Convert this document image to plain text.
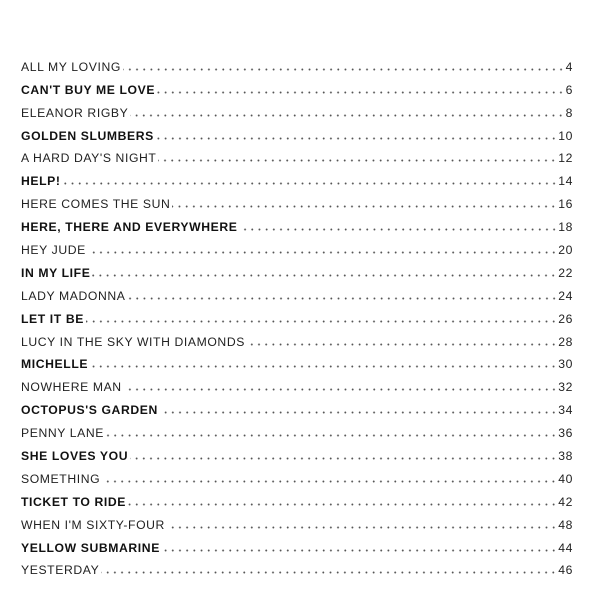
ALL MY LOVING	4
CAN'T BUY ME LOVE	6
ELEANOR RIGBY	8
GOLDEN SLUMBERS	10
A HARD DAY'S NIGHT	12
HELP!	14
HERE COMES THE SUN	16
HERE, THERE AND EVERYWHERE	18
HEY JUDE	20
IN MY LIFE	22
LADY MADONNA	24
LET IT BE	26
LUCY IN THE SKY WITH DIAMONDS	28
MICHELLE	30
NOWHERE MAN	32
OCTOPUS'S GARDEN	34
PENNY LANE	36
SHE LOVES YOU	38
SOMETHING	40
TICKET TO RIDE	42
WHEN I'M SIXTY-FOUR	48
YELLOW SUBMARINE	44
YESTERDAY	46
